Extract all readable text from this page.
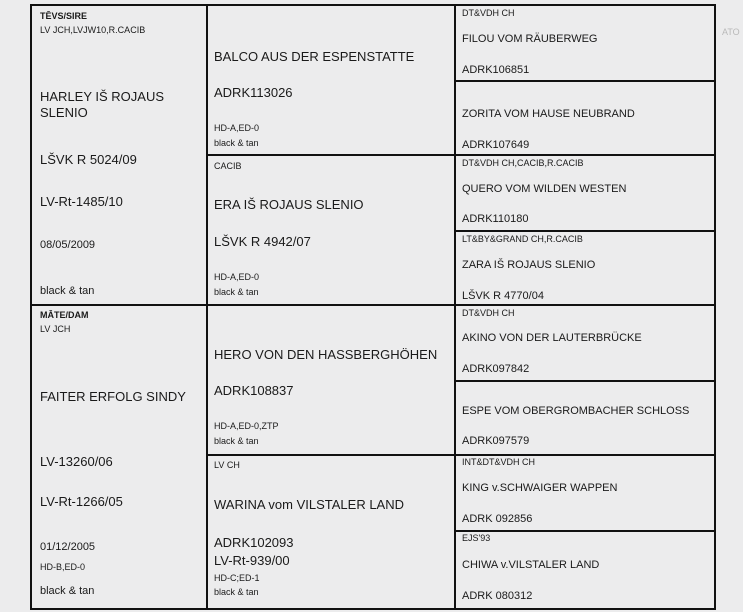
ATO
TĒVS/SIRE
LV JCH,LVJW10,R.CACIB
HARLEY IŠ ROJAUS
SLENIO
LŠVK R 5024/09
LV-Rt-1485/10
08/05/2009
black & tan
MĀTE/DAM
LV JCH
FAITER ERFOLG SINDY
LV-13260/06
LV-Rt-1266/05
01/12/2005
HD-B,ED-0
black & tan
BALCO AUS DER ESPENSTATTE
ADRK113026
HD-A,ED-0
black & tan
CACIB
ERA IŠ ROJAUS SLENIO
LŠVK R 4942/07
HD-A,ED-0
black & tan
HERO VON DEN HASSBERGHÖHEN
ADRK108837
HD-A,ED-0,ZTP
black & tan
LV CH
WARINA vom VILSTALER LAND
ADRK102093
LV-Rt-939/00
HD-C;ED-1
black & tan
DT&VDH CH
FILOU VOM RÄUBERWEG
ADRK106851
ZORITA VOM HAUSE NEUBRAND
ADRK107649
DT&VDH CH,CACIB,R.CACIB
QUERO VOM WILDEN WESTEN
ADRK110180
LT&BY&GRAND CH,R.CACIB
ZARA IŠ ROJAUS SLENIO
LŠVK R 4770/04
DT&VDH CH
AKINO VON DER LAUTERBRÜCKE
ADRK097842
ESPE VOM OBERGROMBACHER SCHLOSS
ADRK097579
INT&DT&VDH CH
KING v.SCHWAIGER WAPPEN
ADRK 092856
EJS'93
CHIWA v.VILSTALER LAND
ADRK 080312
